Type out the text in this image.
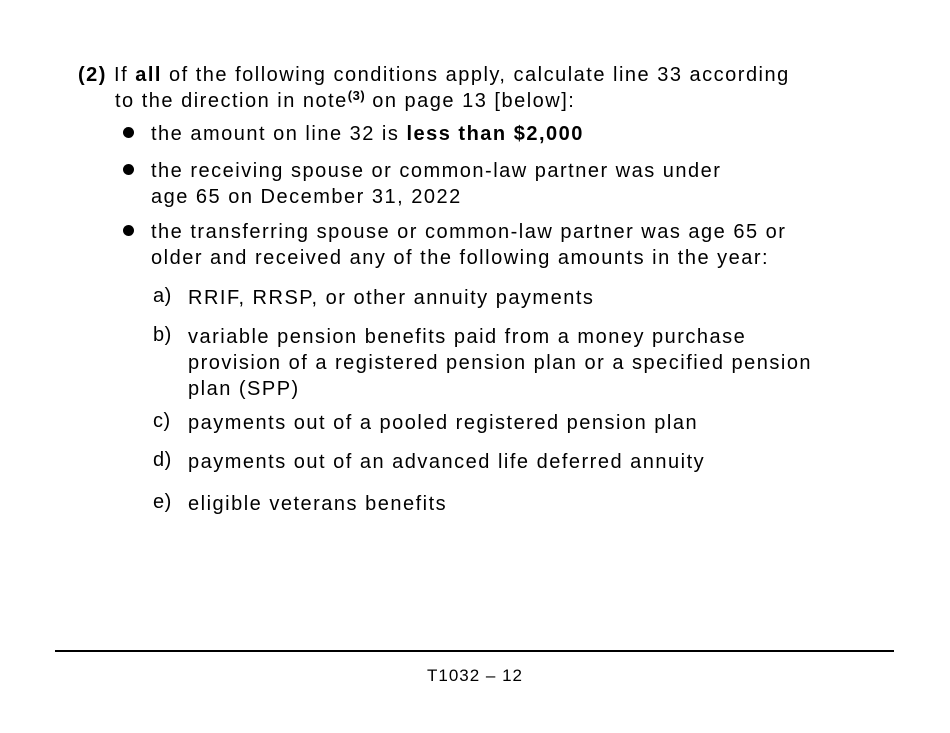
(2) If all of the following conditions apply, calculate line 33 according
to the direction in note$^{(3)}$ on page 13 [below]:
the amount on line 32 is less than $2,000
the receiving spouse or common-law partner was under
age 65 on December 31, 2022
the transferring spouse or common-law partner was age 65 or
older and received any of the following amounts in the year:
a) RRIF, RRSP, or other annuity payments
b) variable pension benefits paid from a money purchase
provision of a registered pension plan or a specified pension
plan (SPP)
c) payments out of a pooled registered pension plan
d) payments out of an advanced life deferred annuity
e) eligible veterans benefits
T1032 – 12
